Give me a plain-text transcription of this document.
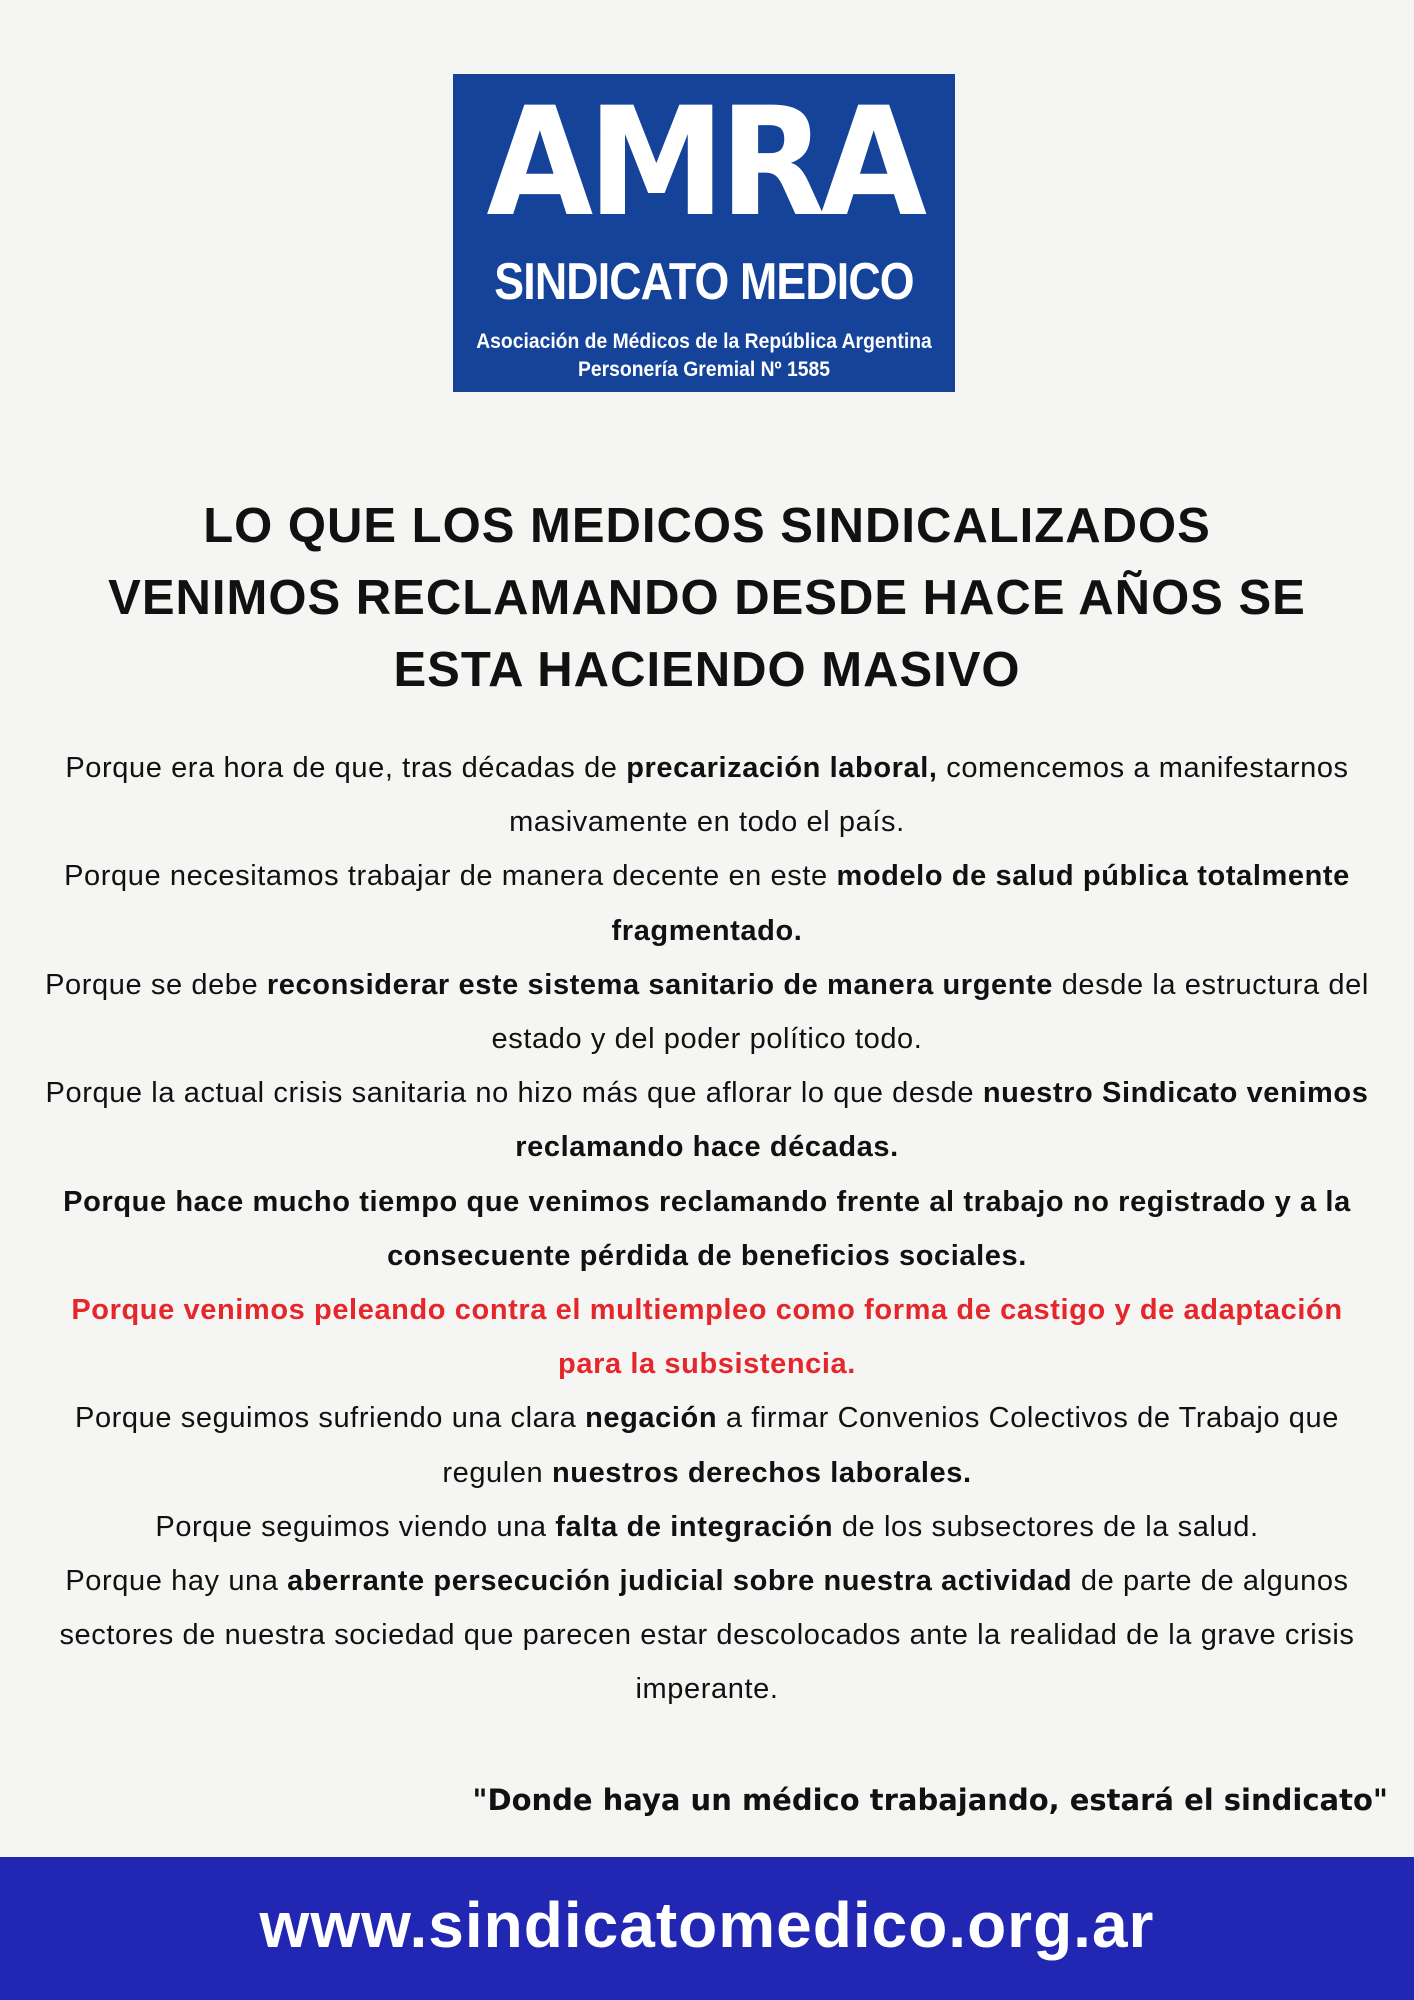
AMRA
SINDICATO MEDICO
Asociación de Médicos de la República Argentina
Personería Gremial Nº 1585
LO QUE LOS MEDICOS SINDICALIZADOS
VENIMOS RECLAMANDO DESDE HACE AÑOS SE
ESTA HACIENDO MASIVO

Porque era hora de que, tras décadas de precarización laboral, comencemos a manifestarnos masivamente en todo el país.

Porque necesitamos trabajar de manera decente en este modelo de salud pública totalmente fragmentado.

Porque se debe reconsiderar este sistema sanitario de manera urgente desde la estructura del estado y del poder político todo.

Porque la actual crisis sanitaria no hizo más que aflorar lo que desde nuestro Sindicato venimos reclamando hace décadas.

Porque hace mucho tiempo que venimos reclamando frente al trabajo no registrado y a la consecuente pérdida de beneficios sociales.

Porque venimos peleando contra el multiempleo como forma de castigo y de adaptación para la subsistencia.

Porque seguimos sufriendo una clara negación a firmar Convenios Colectivos de Trabajo que regulen nuestros derechos laborales.

Porque seguimos viendo una falta de integración de los subsectores de la salud.

Porque hay una aberrante persecución judicial sobre nuestra actividad de parte de algunos sectores de nuestra sociedad que parecen estar descolocados ante la realidad de la grave crisis imperante.

"Donde haya un médico trabajando, estará el sindicato"
www.sindicatomedico.org.ar
